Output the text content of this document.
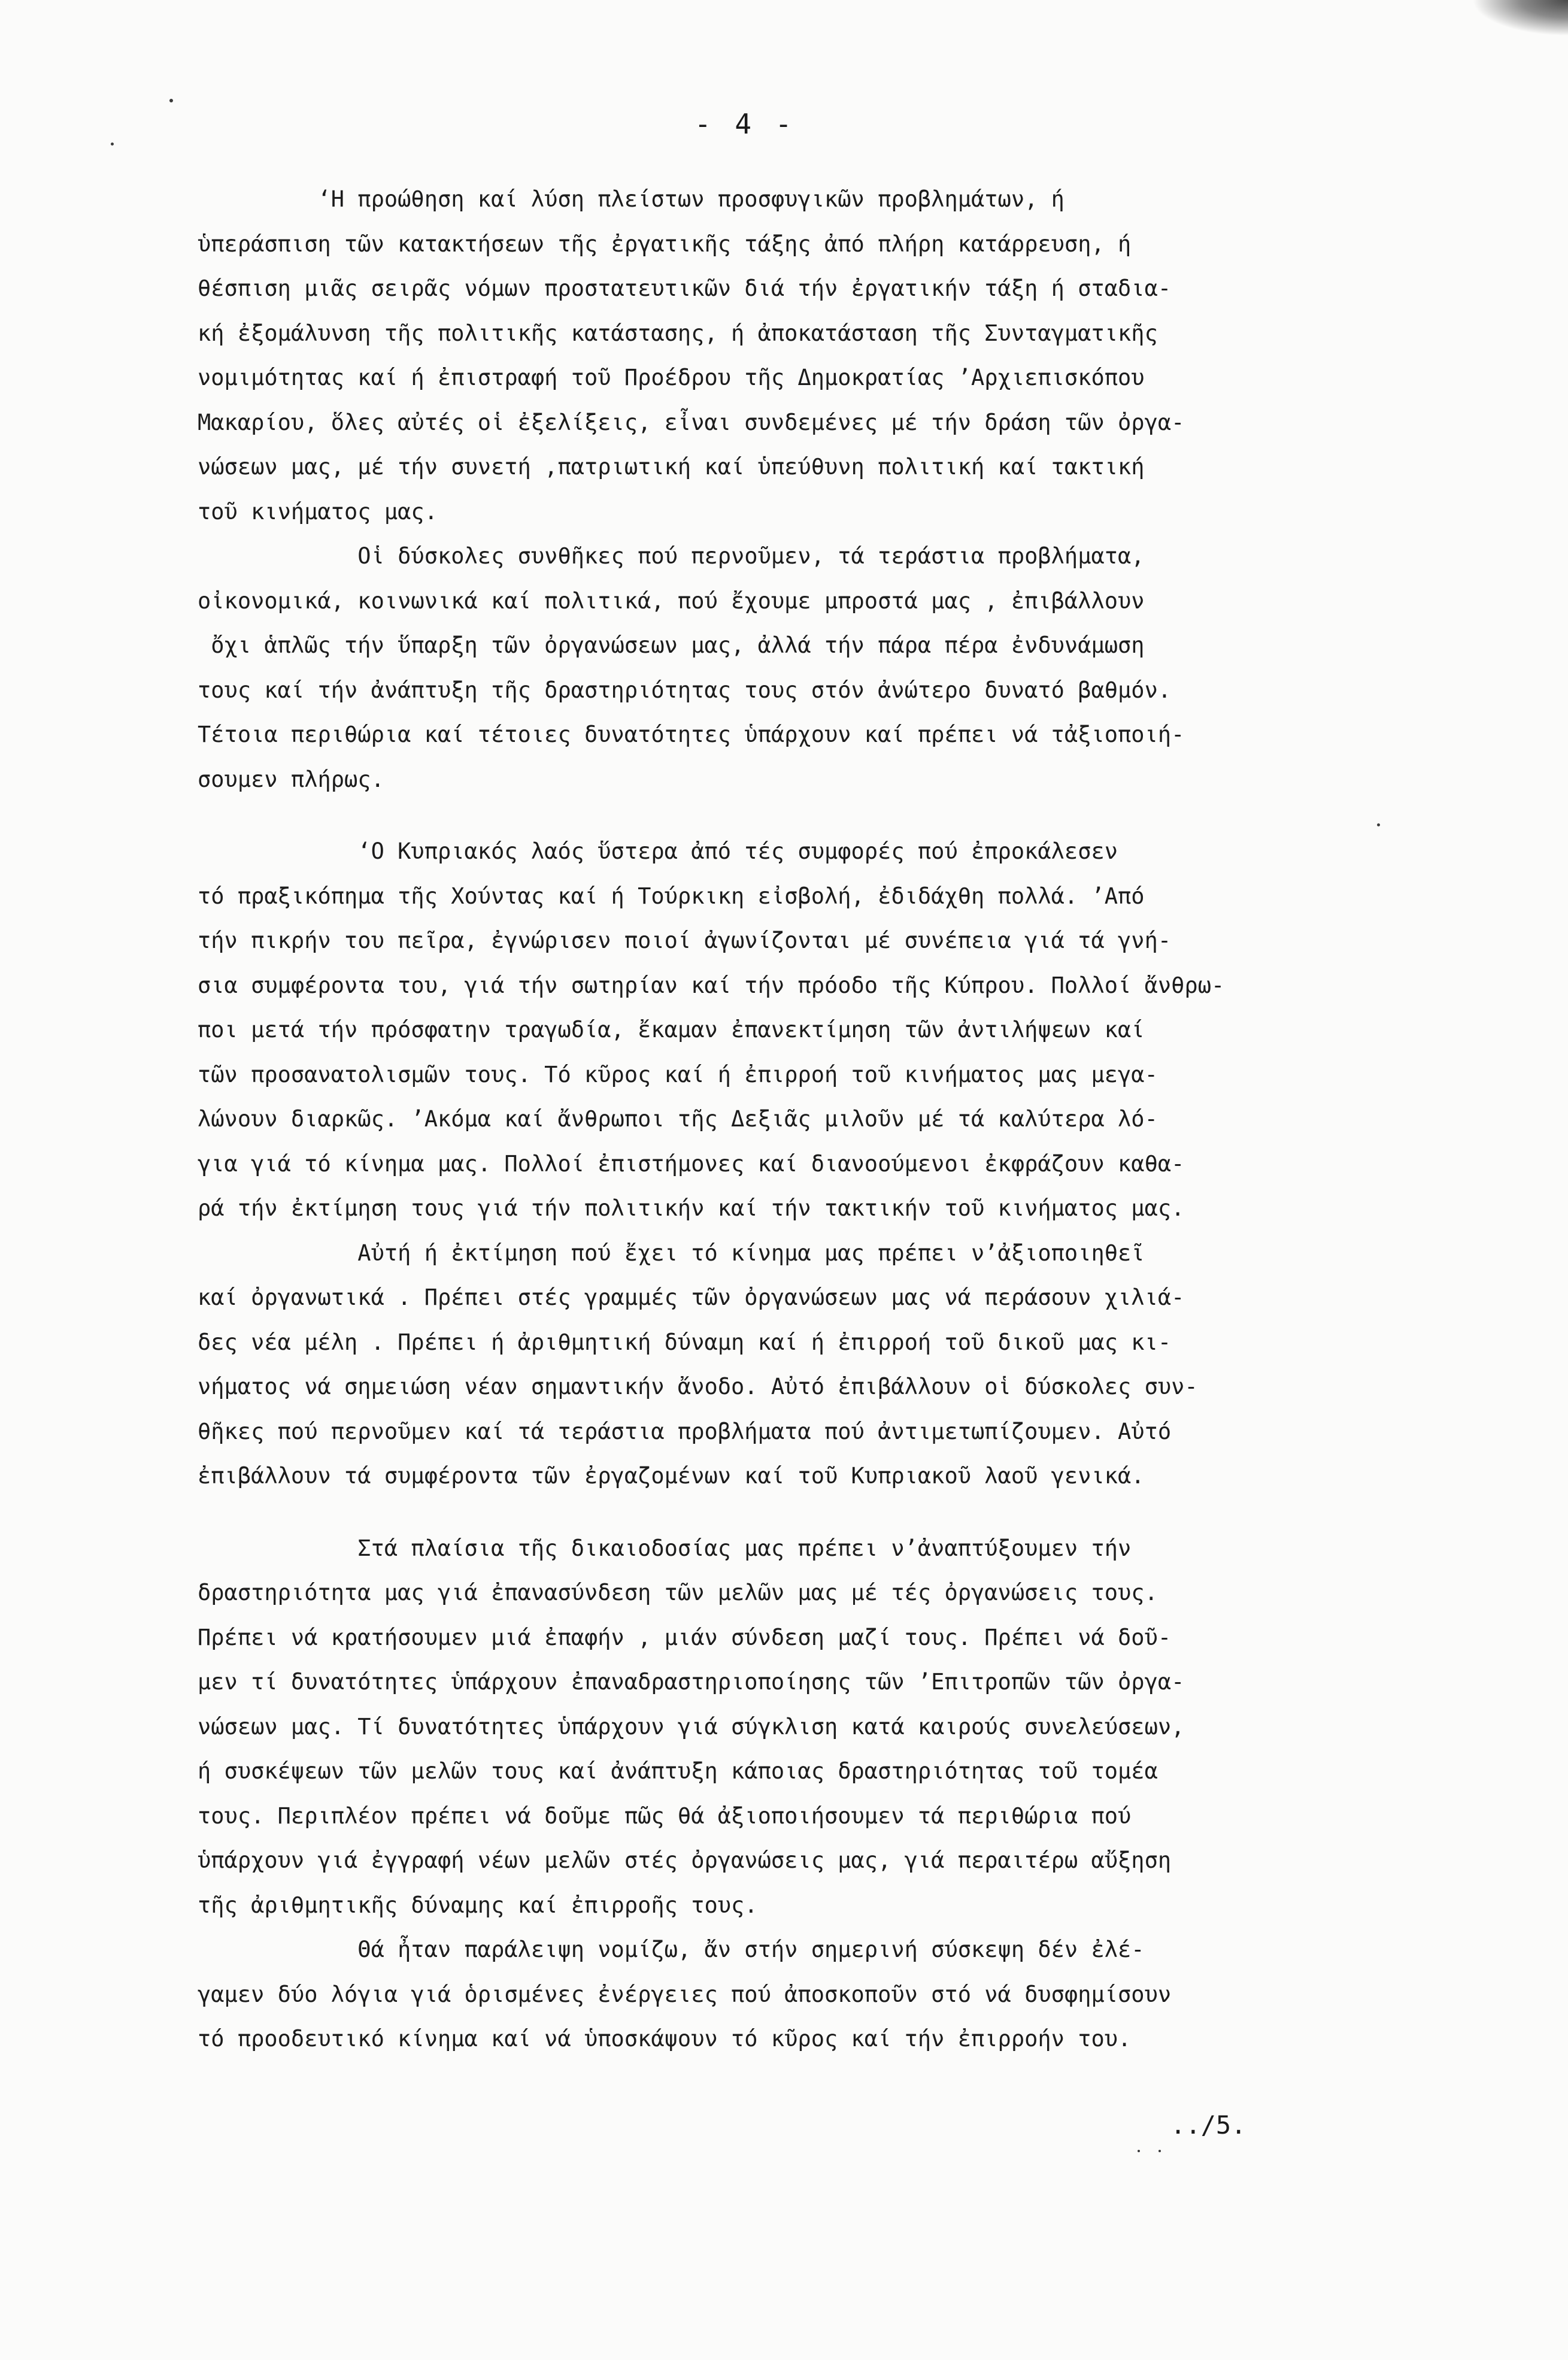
- 4 -
‘Η προώθηση καί λύση πλείστων προσφυγικῶν προβλημάτων, ή
ὑπεράσπιση τῶν κατακτήσεων τῆς ἐργατικῆς τάξης ἀπό πλήρη κατάρρευση, ή
θέσπιση μιᾶς σειρᾶς νόμων προστατευτικῶν διά τήν ἐργατικήν τάξη ή σταδια-
κή ἐξομάλυνση τῆς πολιτικῆς κατάστασης, ή ἀποκατάσταση τῆς Συνταγματικῆς
νομιμότητας καί ή ἐπιστραφή τοῦ Προέδρου τῆς Δημοκρατίας ’Αρχιεπισκόπου
Μακαρίου, ὅλες αὐτές οἱ ἐξελίξεις, εἶναι συνδεμένες μέ τήν δράση τῶν ὀργα-
νώσεων μας, μέ τήν συνετή ,πατριωτική καί ὑπεύθυνη πολιτική καί τακτική
τοῦ κινήματος μας.
Οἱ δύσκολες συνθῆκες πού περνοῦμεν, τά τεράστια προβλήματα,
οἰκονομικά, κοινωνικά καί πολιτικά, πού ἔχουμε μπροστά μας , ἐπιβάλλουν
ὄχι ἁπλῶς τήν ὕπαρξη τῶν ὀργανώσεων μας, ἀλλά τήν πάρα πέρα ἐνδυνάμωση
τους καί τήν ἀνάπτυξη τῆς δραστηριότητας τους στόν ἀνώτερο δυνατό βαθμόν.
Τέτοια περιθώρια καί τέτοιες δυνατότητες ὑπάρχουν καί πρέπει νά τἀξιοποιή-
σουμεν πλήρως.
‘Ο Κυπριακός λαός ὕστερα ἀπό τές συμφορές πού ἐπροκάλεσεν
τό πραξικόπημα τῆς Χούντας καί ή Τούρκικη εἰσβολή, ἐδιδάχθη πολλά. ’Από
τήν πικρήν του πεῖρα, ἐγνώρισεν ποιοί ἀγωνίζονται μέ συνέπεια γιά τά γνή-
σια συμφέροντα του, γιά τήν σωτηρίαν καί τήν πρόοδο τῆς Κύπρου. Πολλοί ἄνθρω-
ποι μετά τήν πρόσφατην τραγωδία, ἔκαμαν ἐπανεκτίμηση τῶν ἀντιλήψεων καί
τῶν προσανατολισμῶν τους. Τό κῦρος καί ή ἐπιρροή τοῦ κινήματος μας μεγα-
λώνουν διαρκῶς. ’Ακόμα καί ἄνθρωποι τῆς Δεξιᾶς μιλοῦν μέ τά καλύτερα λό-
για γιά τό κίνημα μας. Πολλοί ἐπιστήμονες καί διανοούμενοι ἐκφράζουν καθα-
ρά τήν ἐκτίμηση τους γιά τήν πολιτικήν καί τήν τακτικήν τοῦ κινήματος μας.
Αὐτή ή ἐκτίμηση πού ἔχει τό κίνημα μας πρέπει ν’ἀξιοποιηθεῖ
καί ὀργανωτικά . Πρέπει στές γραμμές τῶν ὀργανώσεων μας νά περάσουν χιλιά-
δες νέα μέλη . Πρέπει ή ἀριθμητική δύναμη καί ή ἐπιρροή τοῦ δικοῦ μας κι-
νήματος νά σημειώση νέαν σημαντικήν ἄνοδο. Αὐτό ἐπιβάλλουν οἱ δύσκολες συν-
θῆκες πού περνοῦμεν καί τά τεράστια προβλήματα πού ἀντιμετωπίζουμεν. Αὐτό
ἐπιβάλλουν τά συμφέροντα τῶν ἐργαζομένων καί τοῦ Κυπριακοῦ λαοῦ γενικά.
Στά πλαίσια τῆς δικαιοδοσίας μας πρέπει ν’ἀναπτύξουμεν τήν
δραστηριότητα μας γιά ἐπανασύνδεση τῶν μελῶν μας μέ τές ὀργανώσεις τους.
Πρέπει νά κρατήσουμεν μιά ἐπαφήν , μιάν σύνδεση μαζί τους. Πρέπει νά δοῦ-
μεν τί δυνατότητες ὑπάρχουν ἐπαναδραστηριοποίησης τῶν ’Επιτροπῶν τῶν ὀργα-
νώσεων μας. Τί δυνατότητες ὑπάρχουν γιά σύγκλιση κατά καιρούς συνελεύσεων,
ή συσκέψεων τῶν μελῶν τους καί ἀνάπτυξη κάποιας δραστηριότητας τοῦ τομέα
τους. Περιπλέον πρέπει νά δοῦμε πῶς θά ἀξιοποιήσουμεν τά περιθώρια πού
ὑπάρχουν γιά ἐγγραφή νέων μελῶν στές ὀργανώσεις μας, γιά περαιτέρω αὔξηση
τῆς ἀριθμητικῆς δύναμης καί ἐπιρροῆς τους.
Θά ἦταν παράλειψη νομίζω, ἄν στήν σημερινή σύσκεψη δέν ἐλέ-
γαμεν δύο λόγια γιά ὁρισμένες ἐνέργειες πού ἀποσκοποῦν στό νά δυσφημίσουν
τό προοδευτικό κίνημα καί νά ὑποσκάψουν τό κῦρος καί τήν ἐπιρροήν του.
../5.
